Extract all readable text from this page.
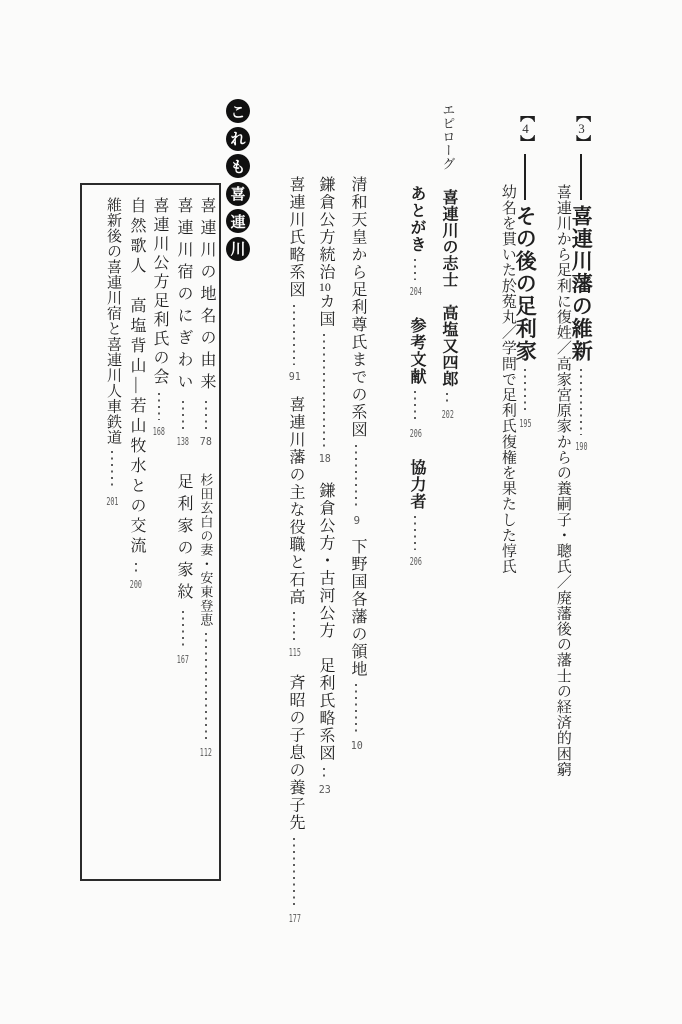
【
3
】
喜連川藩の維新
190
喜連川から足利に復姓／高家宮原家からの養嗣子・聰氏／廃藩後の藩士の経済的困窮
【
4
】
その後の足利家
195
幼名を貫いた於菟丸／学問で足利氏復権を果たした惇氏
エピローグ
喜連川の志士　高塩又四郎
202
あとがき
204
参考文献
206
協力者
206
清和天皇から足利尊氏までの系図
9
下野国各藩の領地
10
鎌倉公方統治
10
カ国
18
鎌倉公方・古河公方　足利氏略系図
23
喜連川氏略系図
91
喜連川藩の主な役職と石高
115
斉昭の子息の養子先
177
こ
れ
も
喜
連
川
喜連川の地名の由来
78
杉田玄白の妻・安東登恵
112
喜連川宿のにぎわい
138
足利家の家紋
167
喜連川公方足利氏の会
168
自然歌人　高塩背山―若山牧水との交流
200
維新後の喜連川宿と喜連川人車鉄道
201
